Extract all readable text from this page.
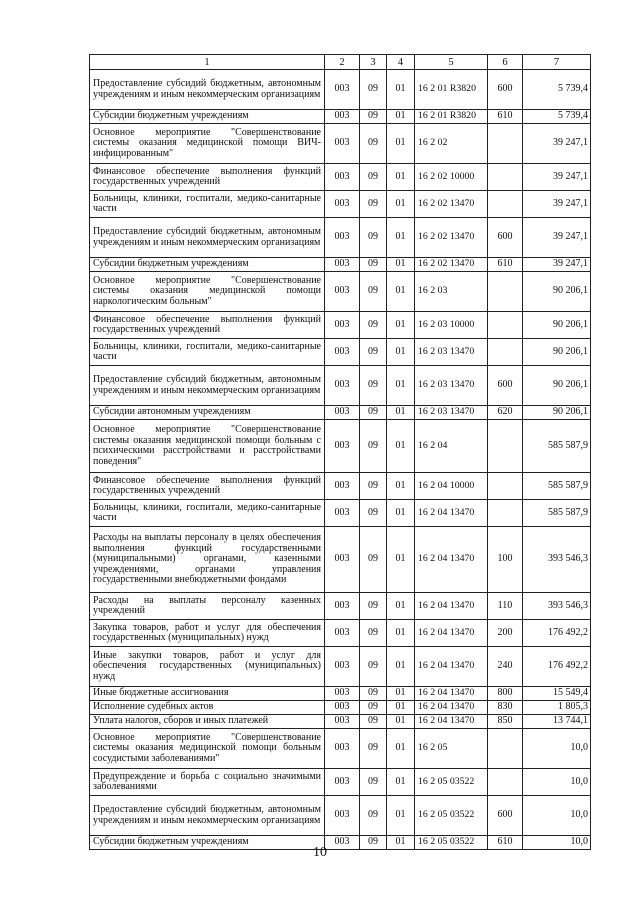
1	2	3	4	5	6	7
Предоставление субсидий бюджетным, автономным учреждениям и иным некоммерческим организациям	003	09	01	16 2 01 R3820	600	5 739,4
Субсидии бюджетным учреждениям	003	09	01	16 2 01 R3820	610	5 739,4
Основное мероприятие "Совершенствование системы оказания медицинской помощи ВИЧ-инфицированным"	003	09	01	16 2 02		39 247,1
Финансовое обеспечение выполнения функций государственных учреждений	003	09	01	16 2 02 10000		39 247,1
Больницы, клиники, госпитали, медико-санитарные части	003	09	01	16 2 02 13470		39 247,1
Предоставление субсидий бюджетным, автономным учреждениям и иным некоммерческим организациям	003	09	01	16 2 02 13470	600	39 247,1
Субсидии бюджетным учреждениям	003	09	01	16 2 02 13470	610	39 247,1
Основное мероприятие "Совершенствование системы оказания медицинской помощи наркологическим больным"	003	09	01	16 2 03		90 206,1
Финансовое обеспечение выполнения функций государственных учреждений	003	09	01	16 2 03 10000		90 206,1
Больницы, клиники, госпитали, медико-санитарные части	003	09	01	16 2 03 13470		90 206,1
Предоставление субсидий бюджетным, автономным учреждениям и иным некоммерческим организациям	003	09	01	16 2 03 13470	600	90 206,1
Субсидии автономным учреждениям	003	09	01	16 2 03 13470	620	90 206,1
Основное мероприятие "Совершенствование системы оказания медицинской помощи больным с психическими расстройствами и расстройствами поведения"	003	09	01	16 2 04		585 587,9
Финансовое обеспечение выполнения функций государственных учреждений	003	09	01	16 2 04 10000		585 587,9
Больницы, клиники, госпитали, медико-санитарные части	003	09	01	16 2 04 13470		585 587,9
Расходы на выплаты персоналу в целях обеспечения выполнения функций государственными (муниципальными) органами, казенными учреждениями, органами управления государственными внебюджетными фондами	003	09	01	16 2 04 13470	100	393 546,3
Расходы на выплаты персоналу казенных учреждений	003	09	01	16 2 04 13470	110	393 546,3
Закупка товаров, работ и услуг для обеспечения государственных (муниципальных) нужд	003	09	01	16 2 04 13470	200	176 492,2
Иные закупки товаров, работ и услуг для обеспечения государственных (муниципальных) нужд	003	09	01	16 2 04 13470	240	176 492,2
Иные бюджетные ассигнования	003	09	01	16 2 04 13470	800	15 549,4
Исполнение судебных актов	003	09	01	16 2 04 13470	830	1 805,3
Уплата налогов, сборов и иных платежей	003	09	01	16 2 04 13470	850	13 744,1
Основное мероприятие "Совершенствование системы оказания медицинской помощи больным сосудистыми заболеваниями"	003	09	01	16 2 05		10,0
Предупреждение и борьба с социально значимыми заболеваниями	003	09	01	16 2 05 03522		10,0
Предоставление субсидий бюджетным, автономным учреждениям и иным некоммерческим организациям	003	09	01	16 2 05 03522	600	10,0
Субсидии бюджетным учреждениям	003	09	01	16 2 05 03522	610	10,0
10
